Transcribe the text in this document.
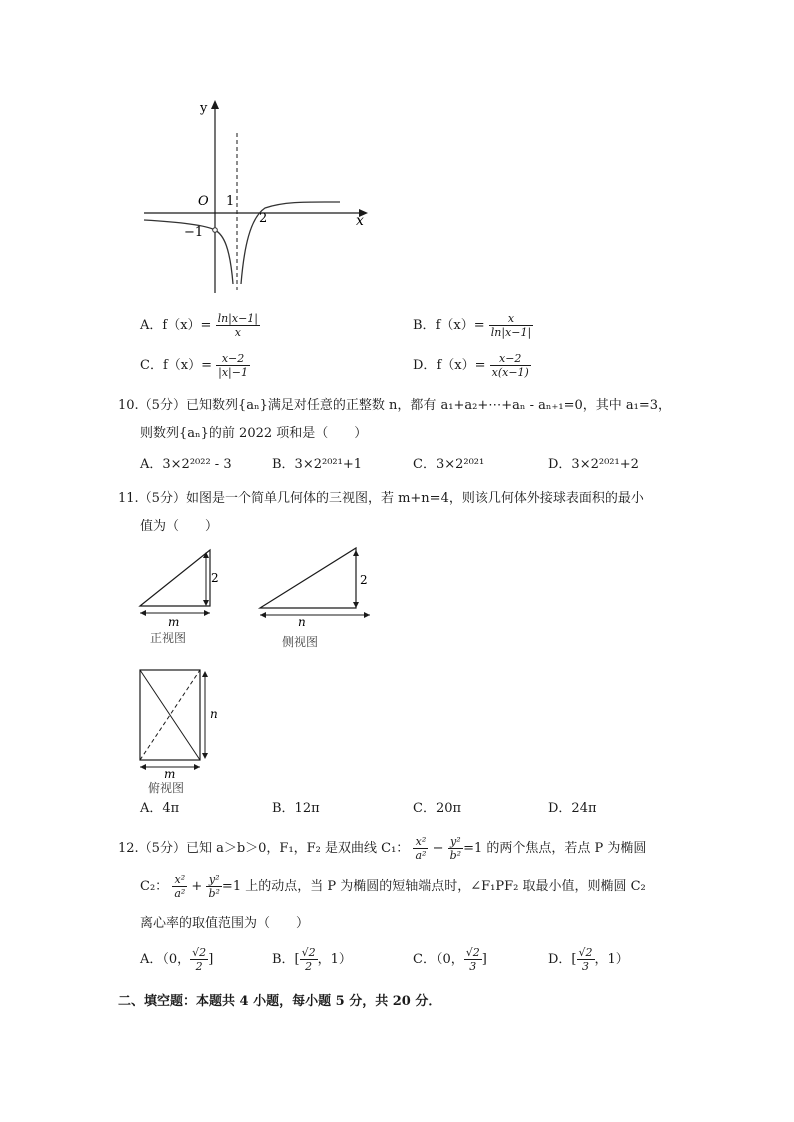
y
x
O 1
2
−1
A．$f(x)= \frac{\ln|x-1|}{x}$	B．$f(x)= \frac{x}{\ln|x-1|}$
C．$f(x)= \frac{x-2}{|x|-1}$	D．$f(x)= \frac{x-2}{x(x-1)}$
10.（5分）已知数列{aₙ}满足对任意的正整数 n，都有 a₁+a₂+⋯+aₙ - aₙ₊₁=0，其中 a₁=3，
则数列{aₙ}的前 2022 项和是（　　）
A．3×2²⁰²² - 3	B．3×2²⁰²¹+1	C．3×2²⁰²¹	D．3×2²⁰²¹+2
11.（5分）如图是一个简单几何体的三视图，若 m+n=4，则该几何体外接球表面积的最小
值为（　　）
2
m
正视图
2
n
侧视图
n
m
俯视图
A．4π	B．12π	C．20π	D．24π
12.（5分）已知 a＞b＞0，F₁，F₂ 是双曲线 C₁： $\frac{\text{x²}}{\text{a²}} - \frac{\text{y²}}{\text{b²}} =1$ 的两个焦点，若点 P 为椭圆
C₂： $\frac{\text{x²}}{\text{a²}} + \frac{\text{y²}}{\text{b²}} =1$ 上的动点，当 P 为椭圆的短轴端点时，∠F₁PF₂ 取最小值，则椭圆 C₂
离心率的取值范围为（　　）
A．（0， $\frac{√2}{2}$ ]	B．[ $\frac{√2}{2}$ ，1）	C．（0， $\frac{√2}{3}$ ]	D．[ $\frac{√2}{3}$ ，1）
二、填空题：本题共 4 小题，每小题 5 分，共 20 分．
